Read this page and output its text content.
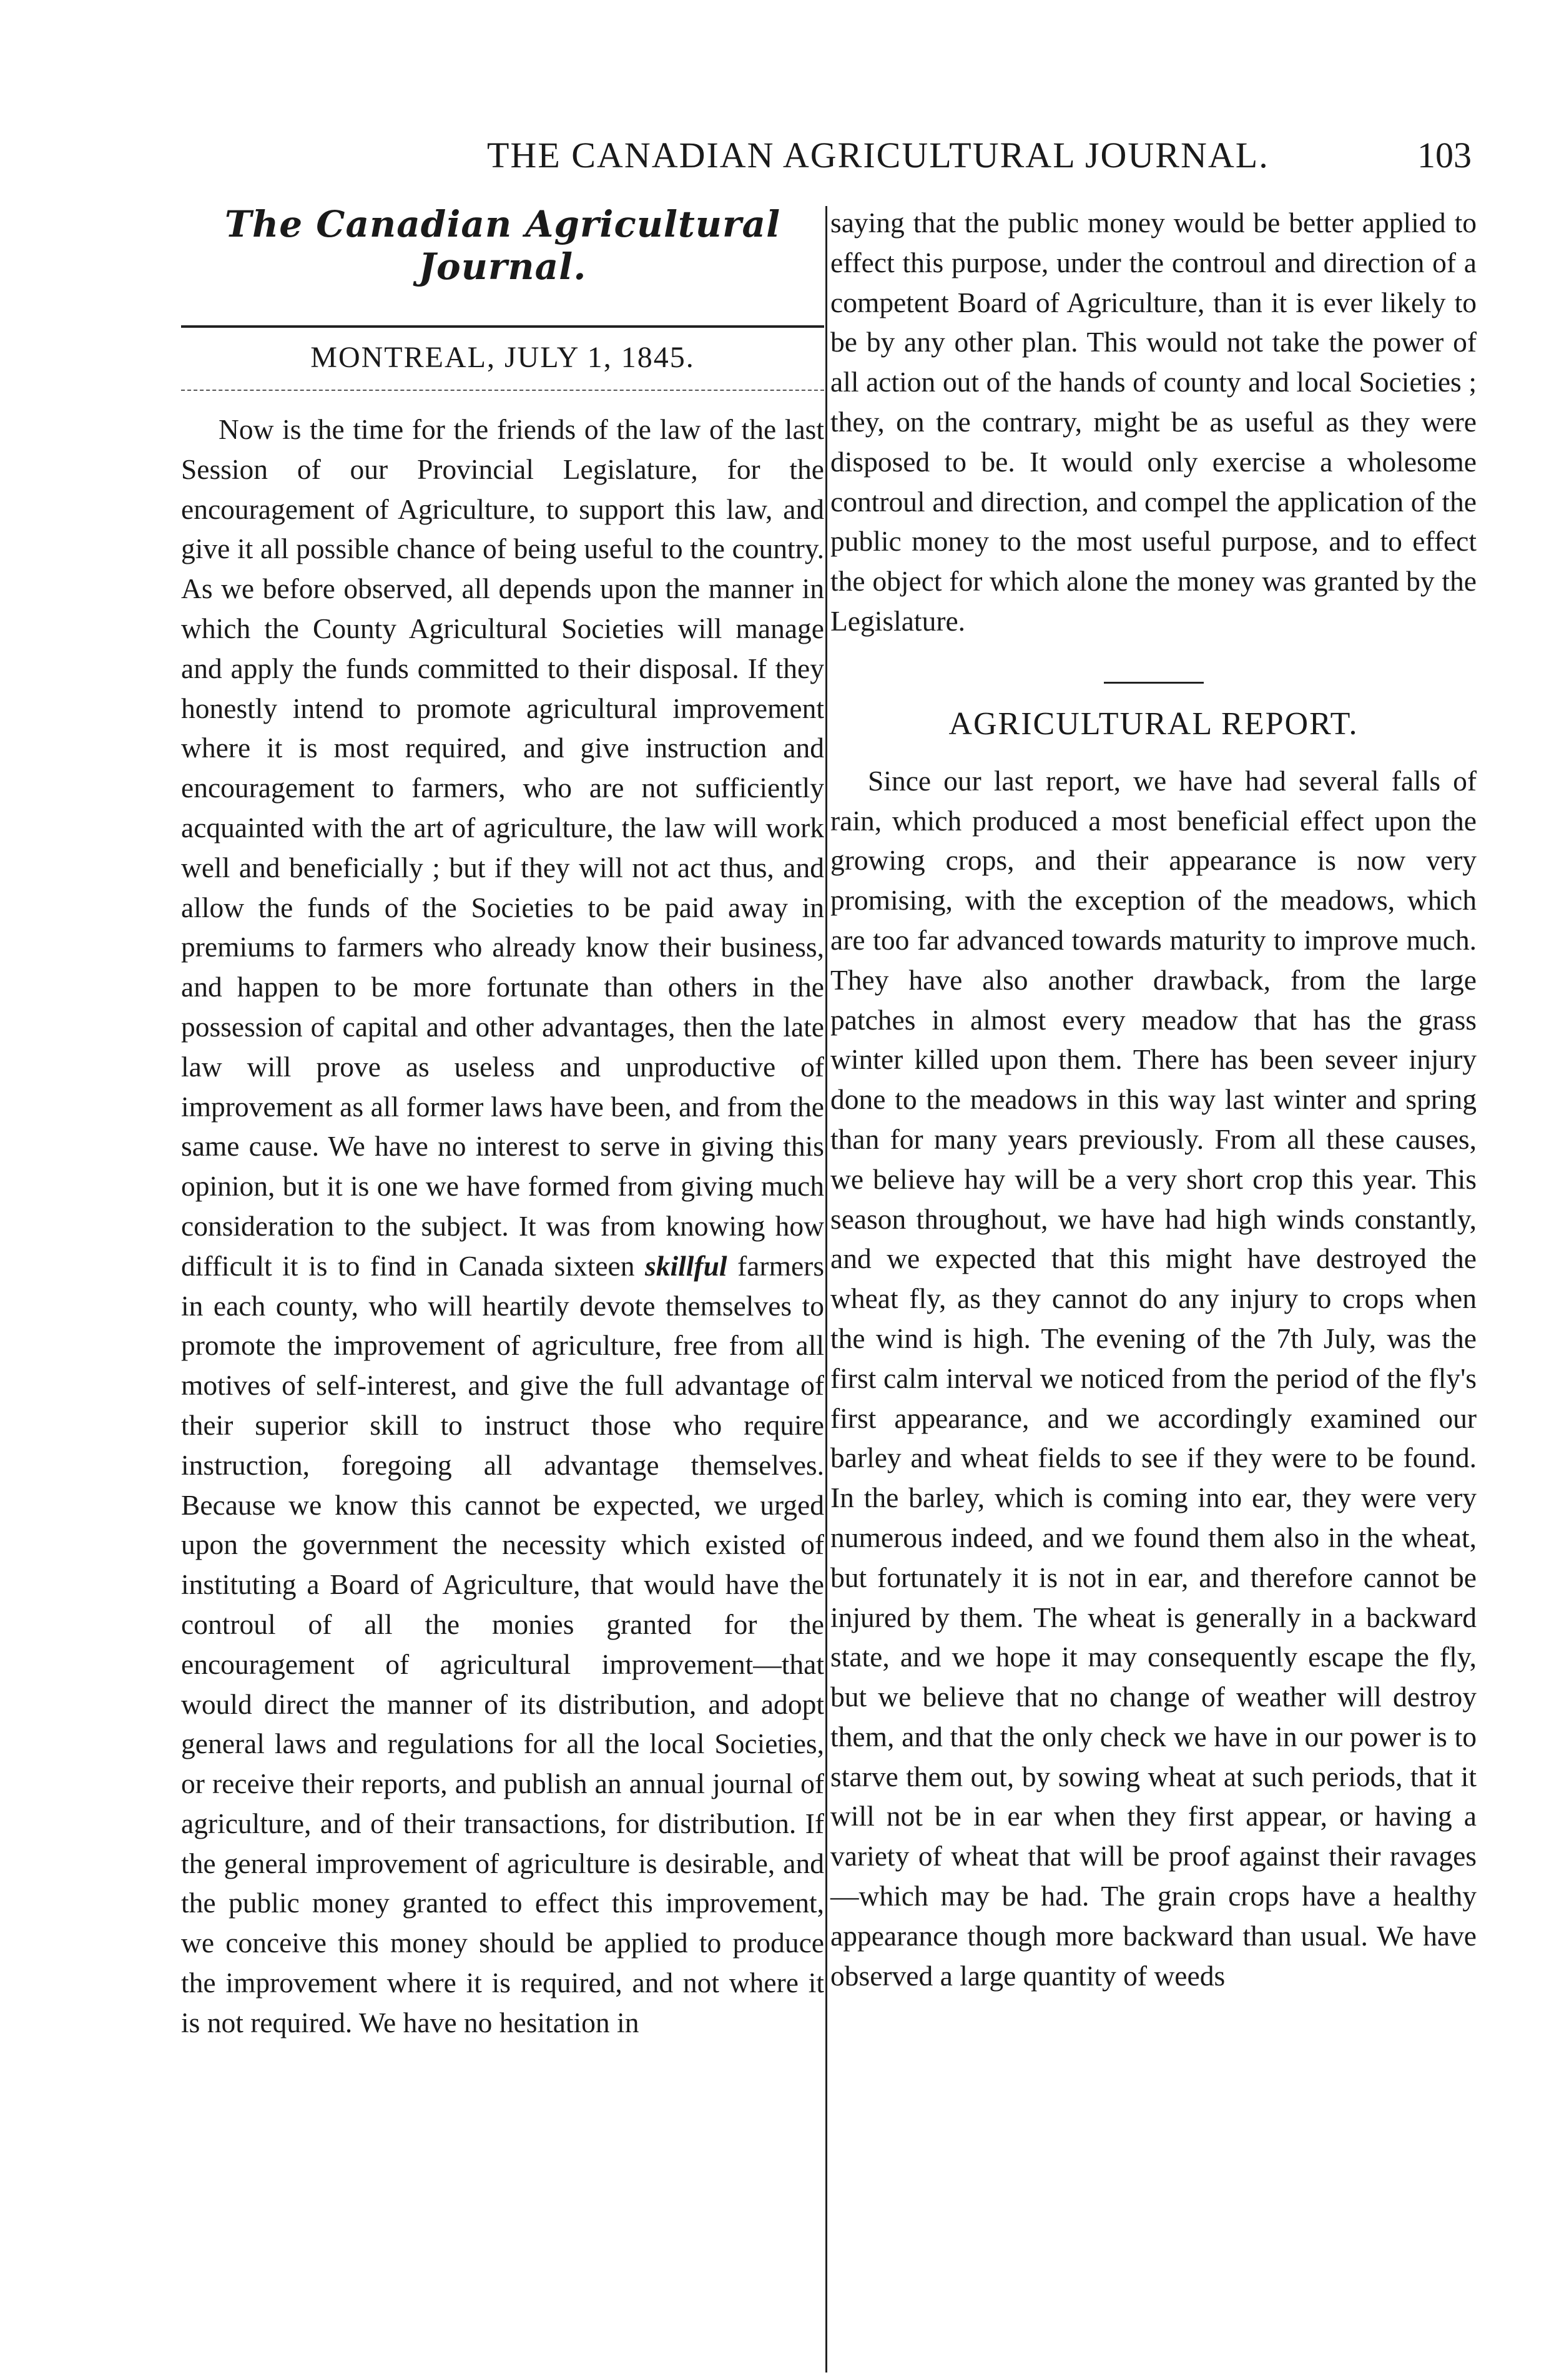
THE CANADIAN AGRICULTURAL JOURNAL.	103
The Canadian Agricultural Journal.
MONTREAL, JULY 1, 1845.

Now is the time for the friends of the law of the last Session of our Provincial Legislature, for the encouragement of Agriculture, to support this law, and give it all possible chance of being useful to the country. As we before observed, all depends upon the manner in which the County Agricultural Societies will manage and apply the funds committed to their disposal. If they honestly intend to promote agricultural improvement where it is most required, and give instruction and encouragement to farmers, who are not sufficiently acquainted with the art of agriculture, the law will work well and beneficially ; but if they will not act thus, and allow the funds of the Societies to be paid away in premiums to farmers who already know their business, and happen to be more fortunate than others in the possession of capital and other advantages, then the late law will prove as useless and unproductive of improvement as all former laws have been, and from the same cause. We have no interest to serve in giving this opinion, but it is one we have formed from giving much consideration to the subject. It was from knowing how difficult it is to find in Canada sixteen skillful farmers in each county, who will heartily devote themselves to promote the improvement of agriculture, free from all motives of self-interest, and give the full advantage of their superior skill to instruct those who require instruction, foregoing all advantage themselves. Because we know this cannot be expected, we urged upon the government the necessity which existed of instituting a Board of Agriculture, that would have the controul of all the monies granted for the encouragement of agricultural improvement—that would direct the manner of its distribution, and adopt general laws and regulations for all the local Societies, or receive their reports, and publish an annual journal of agriculture, and of their transactions, for distribution. If the general improvement of agriculture is desirable, and the public money granted to effect this improvement, we conceive this money should be applied to produce the improvement where it is required, and not where it is not required. We have no hesitation in

saying that the public money would be better applied to effect this purpose, under the controul and direction of a competent Board of Agriculture, than it is ever likely to be by any other plan. This would not take the power of all action out of the hands of county and local Societies ; they, on the contrary, might be as useful as they were disposed to be. It would only exercise a wholesome controul and direction, and compel the application of the public money to the most useful purpose, and to effect the object for which alone the money was granted by the Legislature.

AGRICULTURAL REPORT.

Since our last report, we have had several falls of rain, which produced a most beneficial effect upon the growing crops, and their appearance is now very promising, with the exception of the meadows, which are too far advanced towards maturity to improve much. They have also another drawback, from the large patches in almost every meadow that has the grass winter killed upon them. There has been seveer injury done to the meadows in this way last winter and spring than for many years previously. From all these causes, we believe hay will be a very short crop this year. This season throughout, we have had high winds constantly, and we expected that this might have destroyed the wheat fly, as they cannot do any injury to crops when the wind is high. The evening of the 7th July, was the first calm interval we noticed from the period of the fly's first appearance, and we accordingly examined our barley and wheat fields to see if they were to be found. In the barley, which is coming into ear, they were very numerous indeed, and we found them also in the wheat, but fortunately it is not in ear, and therefore cannot be injured by them. The wheat is generally in a backward state, and we hope it may consequently escape the fly, but we believe that no change of weather will destroy them, and that the only check we have in our power is to starve them out, by sowing wheat at such periods, that it will not be in ear when they first appear, or having a variety of wheat that will be proof against their ravages—which may be had. The grain crops have a healthy appearance though more backward than usual. We have observed a large quantity of weeds
